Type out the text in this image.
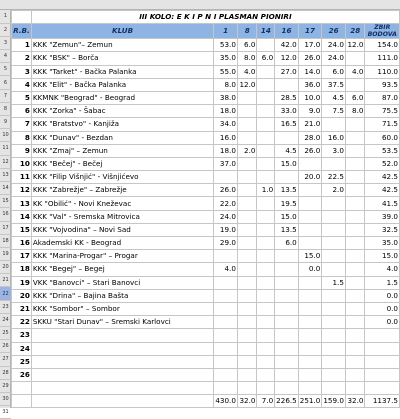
1
2
3
4
5
6
7
8
9
10
11
12
13
14
15
16
17
18
19
20
21
22
23
24
25
26
27
28
29
30
31
	III KOLO: E K I P N I PLASMAN PIONIRI								
R.B.	KLUB	1	8	14	16	17	26	28	ZBIR BODOVA
1	KKK "Zemun"– Zemun	53.0	6.0		42.0	17.0	24.0	12.0	154.0
2	KKK "BSK" – Borča	35.0	8.0	6.0	12.0	26.0	24.0		111.0
3	KKK "Tarket" - Bačka Palanka	55.0	4.0		27.0	14.0	6.0	4.0	110.0
4	KKK "Elit" - Bačka Palanka	8.0	12.0			36.0	37.5		93.5
5	KKMNK "Beograd" - Beograd	38.0			28.5	10.0	4.5	6.0	87.0
6	KKK "Zorka" - Šabac	18.0			33.0	9.0	7.5	8.0	75.5
7	KKK "Bratstvo" - Kanjiža	34.0			16.5	21.0			71.5
8	KKK "Dunav" - Bezdan	16.0				28.0	16.0		60.0
9	KKK "Zmaj" – Zemun	18.0	2.0		4.5	26.0	3.0		53.5
10	KKK "Bečej" - Bečej	37.0			15.0				52.0
11	KKK "Filip Višnjić" - Višnjićevo					20.0	22.5		42.5
12	KKK "Zabrežje" – Zabrežje	26.0		1.0	13.5		2.0		42.5
13	KK "Obilić" - Novi Kneževac	22.0			19.5				41.5
14	KKK "Val" - Sremska Mitrovica	24.0			15.0				39.0
15	KKK "Vojvodina" – Novi Sad	19.0			13.5				32.5
16	Akademski KK - Beograd	29.0			6.0				35.0
17	KKK "Marina-Progar" – Progar					15.0			15.0
18	KKK "Begej" – Begej	4.0				0.0			4.0
19	VKK "Banovci" – Stari Banovci						1.5		1.5
20	KKK "Drina" – Bajina Bašta								0.0
21	KKK "Sombor" – Sombor								0.0
22	SKKU "Stari Dunav" – Sremski Karlovci								0.0
23									
24									
25									
26									

		430.0	32.0	7.0	226.5	251.0	159.0	32.0	1137.5
